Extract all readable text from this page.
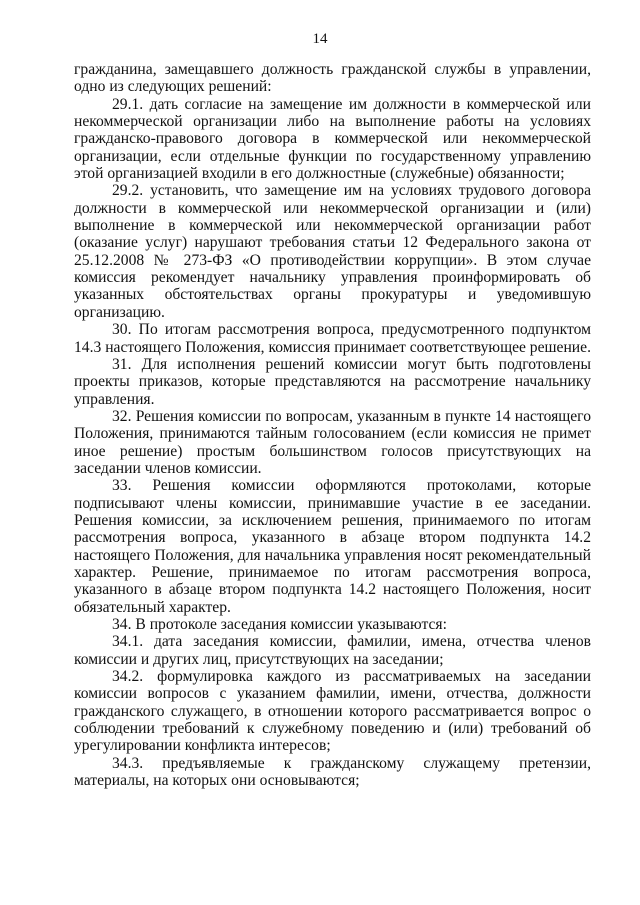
14

гражданина, замещавшего должность гражданской службы в управлении, одно из следующих решений:

29.1. дать согласие на замещение им должности в коммерческой или некоммерческой организации либо на выполнение работы на условиях гражданско-правового договора в коммерческой или некоммерческой организации, если отдельные функции по государственному управлению этой организацией входили в его должностные (служебные) обязанности;

29.2. установить, что замещение им на условиях трудового договора должности в коммерческой или некоммерческой организации и (или) выполнение в коммерческой или некоммерческой организации работ (оказание услуг) нарушают требования статьи 12 Федерального закона от 25.12.2008 № 273-ФЗ «О противодействии коррупции». В этом случае комиссия рекомендует начальнику управления проинформировать об указанных обстоятельствах органы прокуратуры и уведомившую организацию.

30. По итогам рассмотрения вопроса, предусмотренного подпунктом 14.3 настоящего Положения, комиссия принимает соответствующее решение.

31. Для исполнения решений комиссии могут быть подготовлены проекты приказов, которые представляются на рассмотрение начальнику управления.

32. Решения комиссии по вопросам, указанным в пункте 14 настоящего Положения, принимаются тайным голосованием (если комиссия не примет иное решение) простым большинством голосов присутствующих на заседании членов комиссии.

33. Решения комиссии оформляются протоколами, которые подписывают члены комиссии, принимавшие участие в ее заседании. Решения комиссии, за исключением решения, принимаемого по итогам рассмотрения вопроса, указанного в абзаце втором подпункта 14.2 настоящего Положения, для начальника управления носят рекомендательный характер. Решение, принимаемое по итогам рассмотрения вопроса, указанного в абзаце втором подпункта 14.2 настоящего Положения, носит обязательный характер.

34. В протоколе заседания комиссии указываются:

34.1. дата заседания комиссии, фамилии, имена, отчества членов комиссии и других лиц, присутствующих на заседании;

34.2. формулировка каждого из рассматриваемых на заседании комиссии вопросов с указанием фамилии, имени, отчества, должности гражданского служащего, в отношении которого рассматривается вопрос о соблюдении требований к служебному поведению и (или) требований об урегулировании конфликта интересов;

34.3. предъявляемые к гражданскому служащему претензии, материалы, на которых они основываются;
